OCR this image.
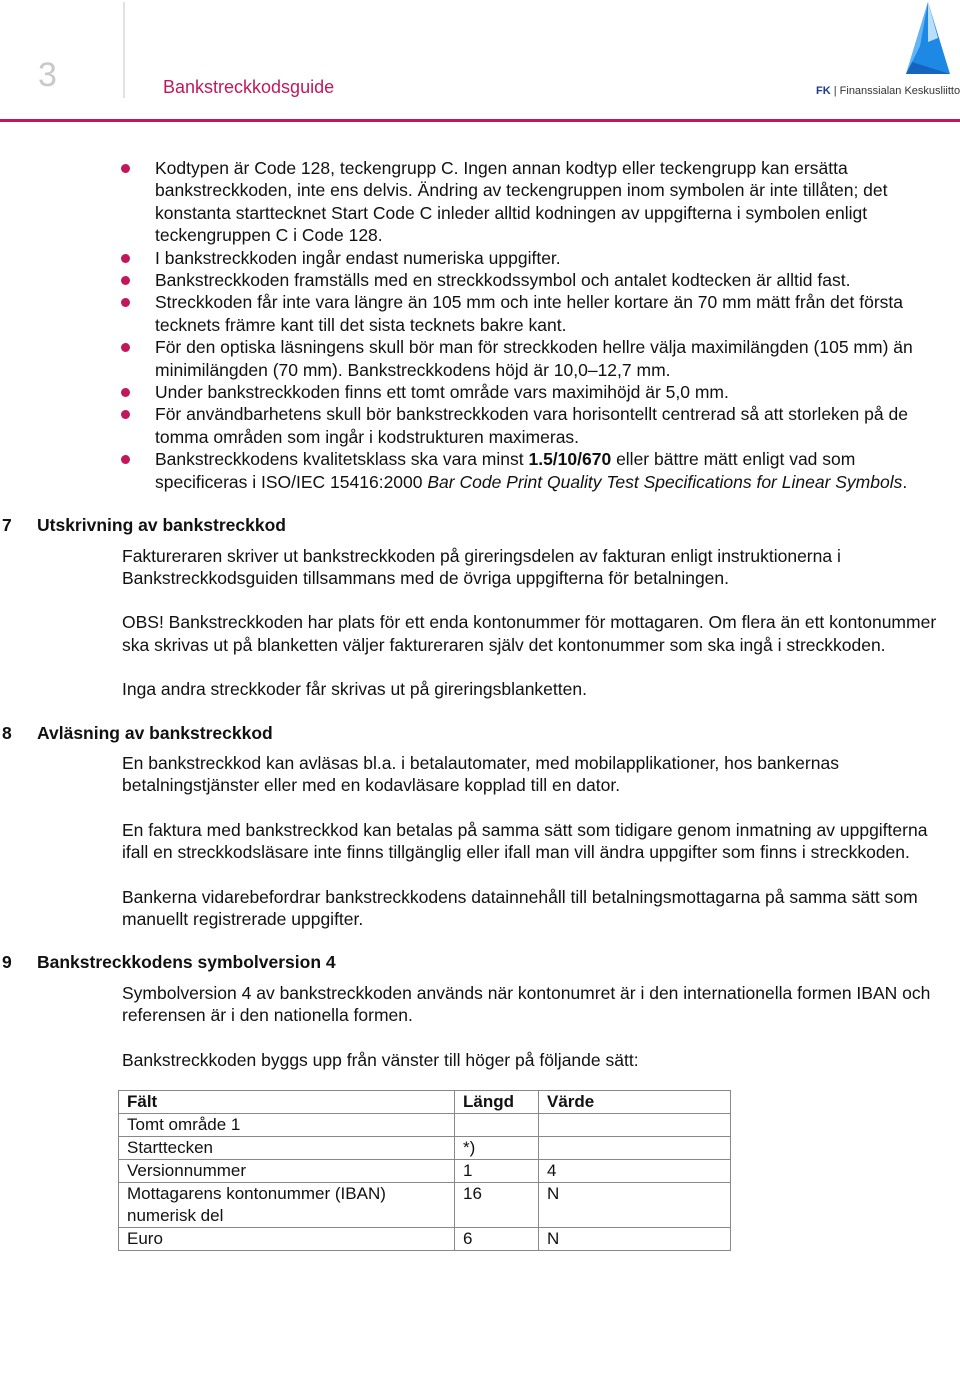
3	Bankstreckkodsguide	FK | Finanssialan Keskusliitto
Kodtypen är Code 128, teckengrupp C. Ingen annan kodtyp eller teckengrupp kan ersätta bankstreckkoden, inte ens delvis. Ändring av teckengruppen inom symbolen är inte tillåten; det konstanta starttecknet Start Code C inleder alltid kodningen av uppgifterna i symbolen enligt teckengruppen C i Code 128.
I bankstreckkoden ingår endast numeriska uppgifter.
Bankstreckkoden framställs med en streckkodssymbol och antalet kodtecken är alltid fast.
Streckkoden får inte vara längre än 105 mm och inte heller kortare än 70 mm mätt från det första tecknets främre kant till det sista tecknets bakre kant.
För den optiska läsningens skull bör man för streckkoden hellre välja maximilängden (105 mm) än minimilängden (70 mm). Bankstreckkodens höjd är 10,0–12,7 mm.
Under bankstreckkoden finns ett tomt område vars maximihöjd är 5,0 mm.
För användbarhetens skull bör bankstreckkoden vara horisontellt centrerad så att storleken på de tomma områden som ingår i kodstrukturen maximeras.
Bankstreckkodens kvalitetsklass ska vara minst 1.5/10/670 eller bättre mätt enligt vad som specificeras i ISO/IEC 15416:2000 Bar Code Print Quality Test Specifications for Linear Symbols.
7 Utskrivning av bankstreckkod

Faktureraren skriver ut bankstreckkoden på gireringsdelen av fakturan enligt instruktionerna i Bankstreckkodsguiden tillsammans med de övriga uppgifterna för betalningen.

OBS! Bankstreckkoden har plats för ett enda kontonummer för mottagaren. Om flera än ett kontonummer ska skrivas ut på blanketten väljer faktureraren själv det kontonummer som ska ingå i streckkoden.

Inga andra streckkoder får skrivas ut på gireringsblanketten.

8 Avläsning av bankstreckkod

En bankstreckkod kan avläsas bl.a. i betalautomater, med mobilapplikationer, hos bankernas betalningstjänster eller med en kodavläsare kopplad till en dator.

En faktura med bankstreckkod kan betalas på samma sätt som tidigare genom inmatning av uppgifterna ifall en streckkodsläsare inte finns tillgänglig eller ifall man vill ändra uppgifter som finns i streckkoden.

Bankerna vidarebefordrar bankstreckkodens datainnehåll till betalningsmottagarna på samma sätt som manuellt registrerade uppgifter.

9 Bankstreckkodens symbolversion 4

Symbolversion 4 av bankstreckkoden används när kontonumret är i den internationella formen IBAN och referensen är i den nationella formen.

Bankstreckkoden byggs upp från vänster till höger på följande sätt:

Fält	Längd	Värde
Tomt område 1		
Starttecken	*)	
Versionnummer	1	4
Mottagarens kontonummer (IBAN) numerisk del	16	N
Euro	6	N
